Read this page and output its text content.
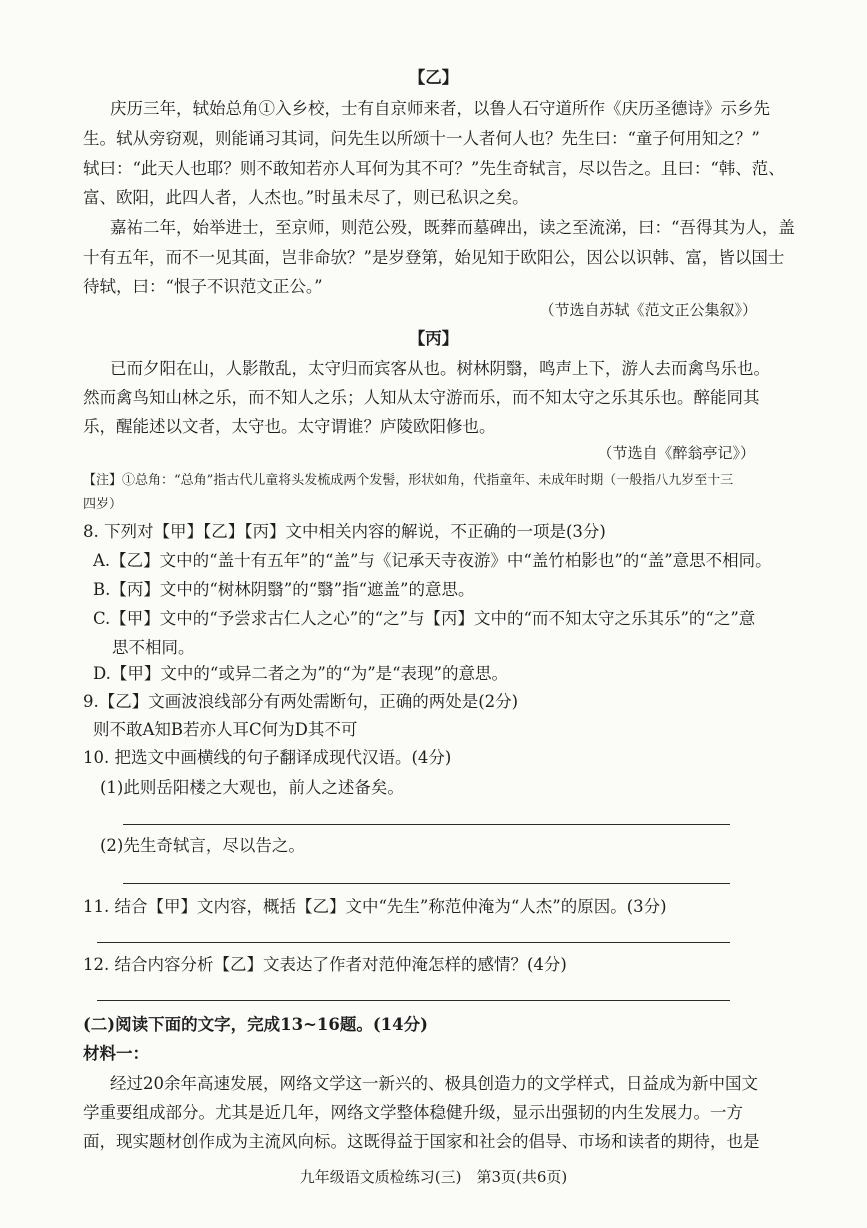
【乙】
庆历三年，轼始总角①入乡校，士有自京师来者，以鲁人石守道所作《庆历圣德诗》示乡先
生。轼从旁窃观，则能诵习其词，问先生以所颂十一人者何人也？先生曰：“童子何用知之？”
轼曰：“此天人也耶？则不敢知若亦人耳何为其不可？”先生奇轼言，尽以告之。且曰：“韩、范、
富、欧阳，此四人者，人杰也。”时虽未尽了，则已私识之矣。
嘉祐二年，始举进士，至京师，则范公殁，既葬而墓碑出，读之至流涕，曰：“吾得其为人，盖
十有五年，而不一见其面，岂非命欤？”是岁登第，始见知于欧阳公，因公以识韩、富，皆以国士
待轼，曰：“恨子不识范文正公。”
（节选自苏轼《范文正公集叙》）
【丙】
已而夕阳在山，人影散乱，太守归而宾客从也。树林阴翳，鸣声上下，游人去而禽鸟乐也。
然而禽鸟知山林之乐，而不知人之乐；人知从太守游而乐，而不知太守之乐其乐也。醉能同其
乐，醒能述以文者，太守也。太守谓谁？庐陵欧阳修也。
（节选自《醉翁亭记》）
【注】①总角：“总角”指古代儿童将头发梳成两个发髻，形状如角，代指童年、未成年时期（一般指八九岁至十三
四岁）
8. 下列对【甲】【乙】【丙】文中相关内容的解说，不正确的一项是(3分)
A.【乙】文中的“盖十有五年”的“盖”与《记承天寺夜游》中“盖竹柏影也”的“盖”意思不相同。
B.【丙】文中的“树林阴翳”的“翳”指“遮盖”的意思。
C.【甲】文中的“予尝求古仁人之心”的“之”与【丙】文中的“而不知太守之乐其乐”的“之”意
思不相同。
D.【甲】文中的“或异二者之为”的“为”是“表现”的意思。
9.【乙】文画波浪线部分有两处需断句，正确的两处是(2分)
则不敢A知B若亦人耳C何为D其不可
10. 把选文中画横线的句子翻译成现代汉语。(4分)
(1)此则岳阳楼之大观也，前人之述备矣。
(2)先生奇轼言，尽以告之。
11. 结合【甲】文内容，概括【乙】文中“先生”称范仲淹为“人杰”的原因。(3分)
12. 结合内容分析【乙】文表达了作者对范仲淹怎样的感情？(4分)
(二)阅读下面的文字，完成13~16题。(14分)
材料一：
经过20余年高速发展，网络文学这一新兴的、极具创造力的文学样式，日益成为新中国文
学重要组成部分。尤其是近几年，网络文学整体稳健升级，显示出强韧的内生发展力。一方
面，现实题材创作成为主流风向标。这既得益于国家和社会的倡导、市场和读者的期待，也是
九年级语文质检练习(三)　第3页(共6页)
